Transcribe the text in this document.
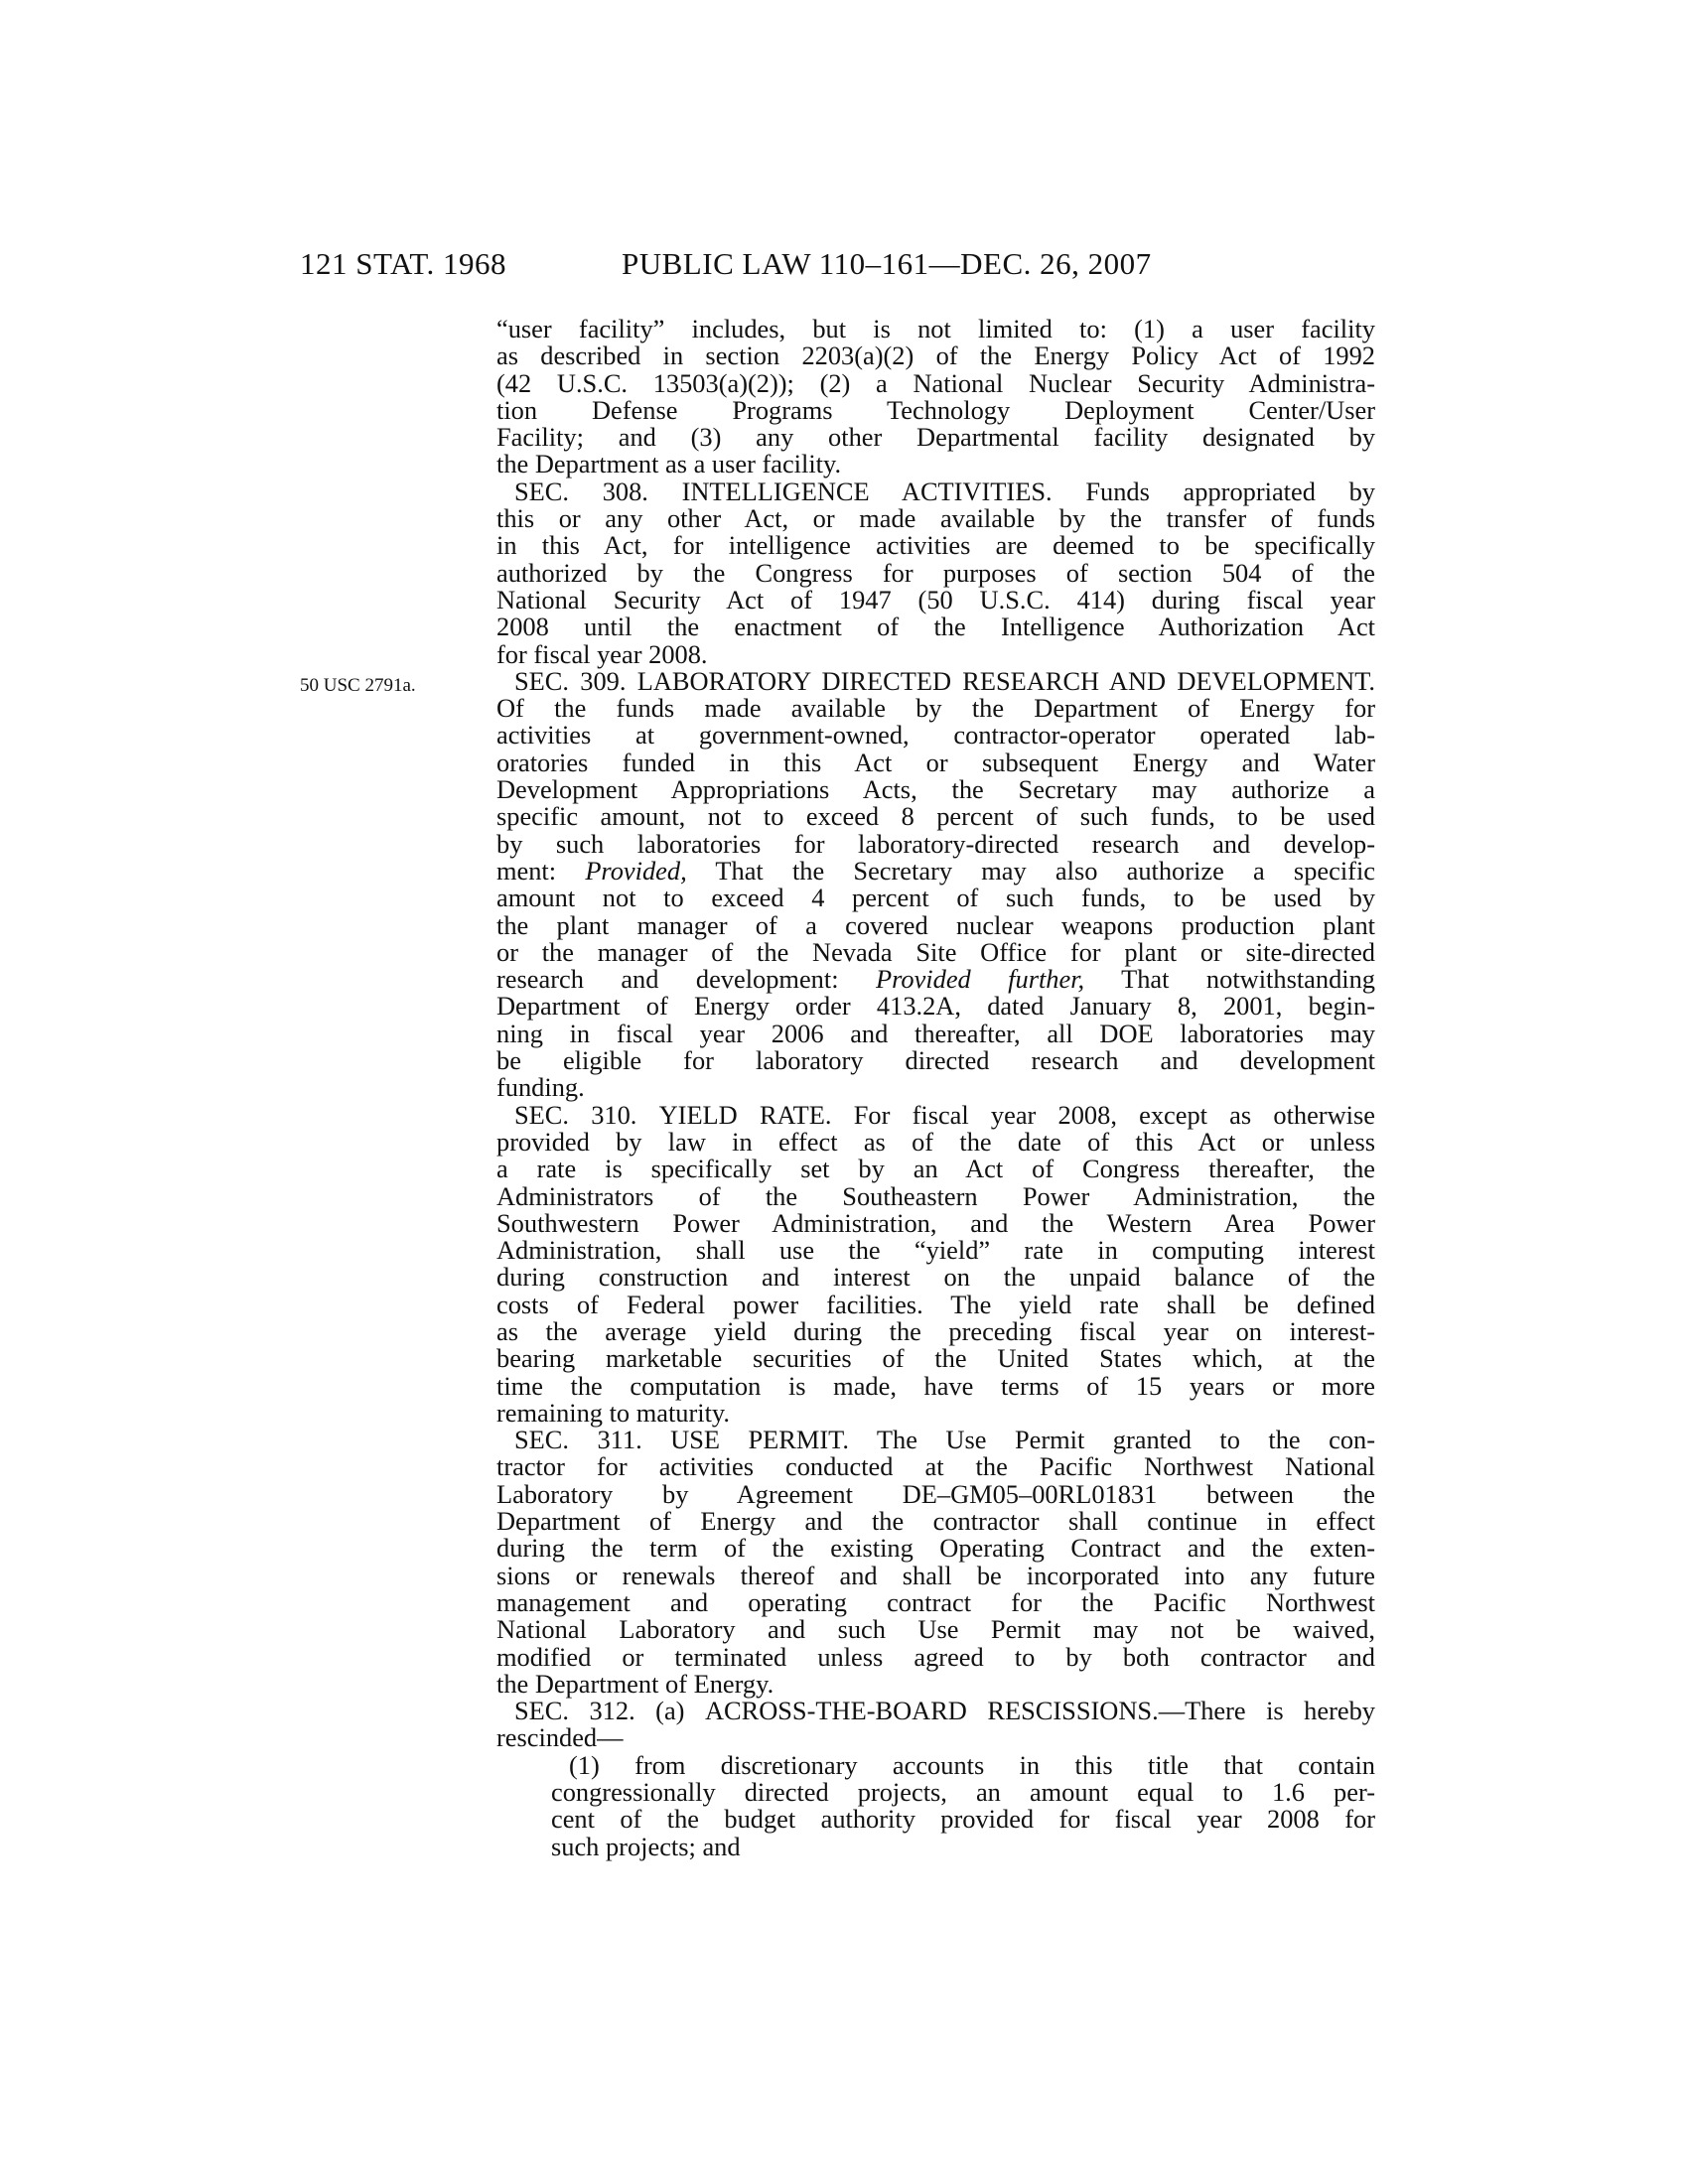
121 STAT. 1968	PUBLIC LAW 110–161—DEC. 26, 2007
50 USC 2791a.
“user facility” includes, but is not limited to: (1) a user facility
as described in section 2203(a)(2) of the Energy Policy Act of 1992
(42 U.S.C. 13503(a)(2)); (2) a National Nuclear Security Administra-
tion Defense Programs Technology Deployment Center/User
Facility; and (3) any other Departmental facility designated by
the Department as a user facility.
SEC. 308. INTELLIGENCE ACTIVITIES. Funds appropriated by
this or any other Act, or made available by the transfer of funds
in this Act, for intelligence activities are deemed to be specifically
authorized by the Congress for purposes of section 504 of the
National Security Act of 1947 (50 U.S.C. 414) during fiscal year
2008 until the enactment of the Intelligence Authorization Act
for fiscal year 2008.
SEC. 309. LABORATORY DIRECTED RESEARCH AND DEVELOPMENT.
Of the funds made available by the Department of Energy for
activities at government-owned, contractor-operator operated lab-
oratories funded in this Act or subsequent Energy and Water
Development Appropriations Acts, the Secretary may authorize a
specific amount, not to exceed 8 percent of such funds, to be used
by such laboratories for laboratory-directed research and develop-
ment: Provided, That the Secretary may also authorize a specific
amount not to exceed 4 percent of such funds, to be used by
the plant manager of a covered nuclear weapons production plant
or the manager of the Nevada Site Office for plant or site-directed
research and development: Provided further, That notwithstanding
Department of Energy order 413.2A, dated January 8, 2001, begin-
ning in fiscal year 2006 and thereafter, all DOE laboratories may
be eligible for laboratory directed research and development
funding.
SEC. 310. YIELD RATE. For fiscal year 2008, except as otherwise
provided by law in effect as of the date of this Act or unless
a rate is specifically set by an Act of Congress thereafter, the
Administrators of the Southeastern Power Administration, the
Southwestern Power Administration, and the Western Area Power
Administration, shall use the “yield” rate in computing interest
during construction and interest on the unpaid balance of the
costs of Federal power facilities. The yield rate shall be defined
as the average yield during the preceding fiscal year on interest-
bearing marketable securities of the United States which, at the
time the computation is made, have terms of 15 years or more
remaining to maturity.
SEC. 311. USE PERMIT. The Use Permit granted to the con-
tractor for activities conducted at the Pacific Northwest National
Laboratory by Agreement DE–GM05–00RL01831 between the
Department of Energy and the contractor shall continue in effect
during the term of the existing Operating Contract and the exten-
sions or renewals thereof and shall be incorporated into any future
management and operating contract for the Pacific Northwest
National Laboratory and such Use Permit may not be waived,
modified or terminated unless agreed to by both contractor and
the Department of Energy.
SEC. 312. (a) ACROSS-THE-BOARD RESCISSIONS.—There is hereby
rescinded—
(1) from discretionary accounts in this title that contain
congressionally directed projects, an amount equal to 1.6 per-
cent of the budget authority provided for fiscal year 2008 for
such projects; and
